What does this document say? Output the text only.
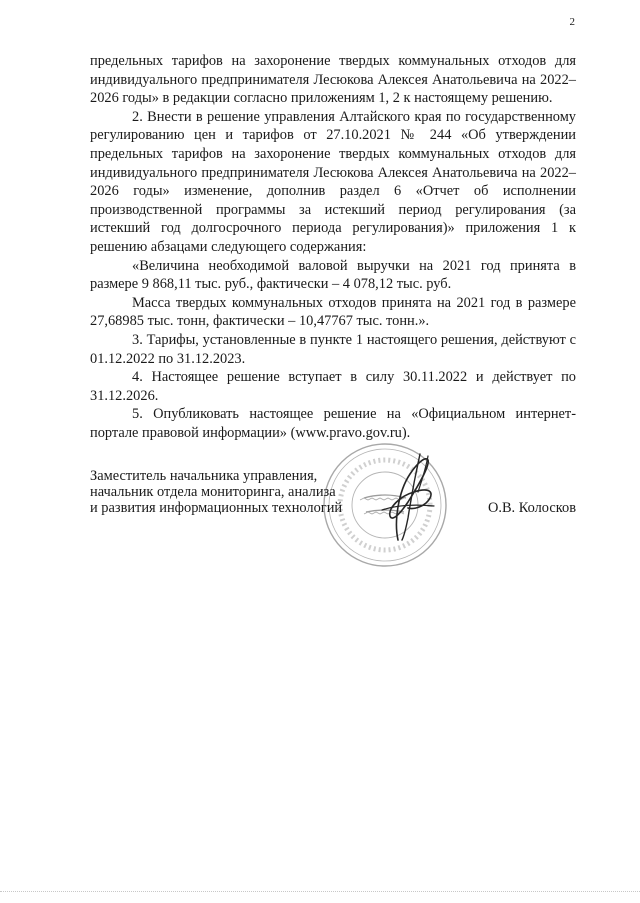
2

предельных тарифов на захоронение твердых коммунальных отходов для индивидуального предпринимателя Лесюкова Алексея Анатольевича на 2022–2026 годы» в редакции согласно приложениям 1, 2 к настоящему решению.

2. Внести в решение управления Алтайского края по государственному регулированию цен и тарифов от 27.10.2021 № 244 «Об утверждении предельных тарифов на захоронение твердых коммунальных отходов для индивидуального предпринимателя Лесюкова Алексея Анатольевича на 2022–2026 годы» изменение, дополнив раздел 6 «Отчет об исполнении производственной программы за истекший период регулирования (за истекший год долгосрочного периода регулирования)» приложения 1 к решению абзацами следующего содержания:

«Величина необходимой валовой выручки на 2021 год принята в размере 9 868,11 тыс. руб., фактически – 4 078,12 тыс. руб.

Масса твердых коммунальных отходов принята на 2021 год в размере 27,68985 тыс. тонн, фактически – 10,47767 тыс. тонн.».

3. Тарифы, установленные в пункте 1 настоящего решения, действуют с 01.12.2022 по 31.12.2023.

4. Настоящее решение вступает в силу 30.11.2022 и действует по 31.12.2026.

5. Опубликовать настоящее решение на «Официальном интернет-портале правовой информации» (www.pravo.gov.ru).

Заместитель начальника управления,
начальник отдела мониторинга, анализа
и развития информационных технологий	О.В. Колосков
